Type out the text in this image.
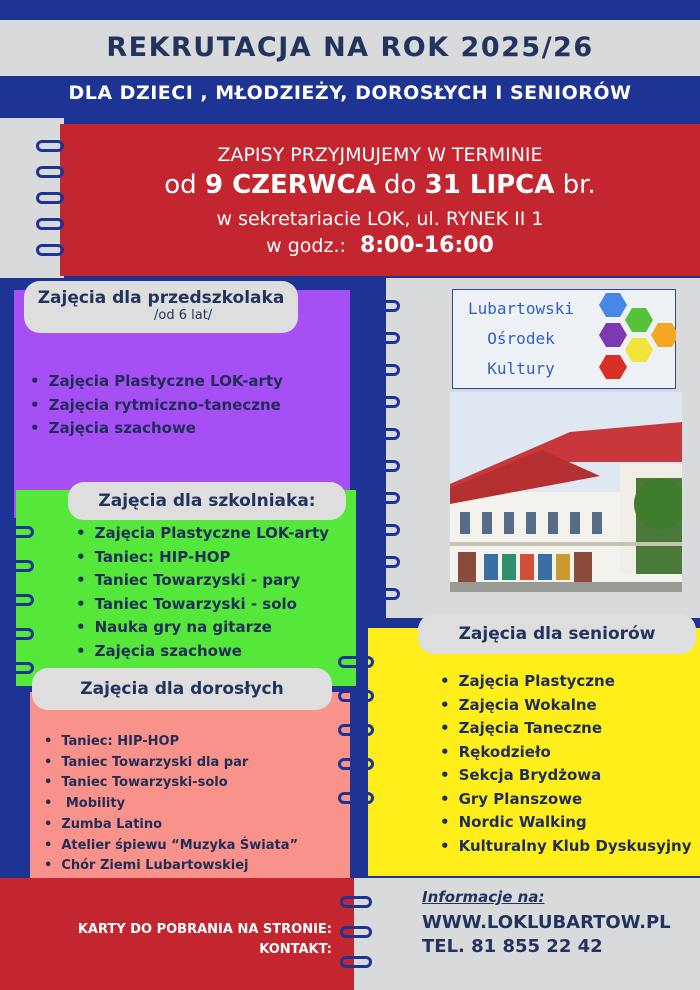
REKRUTACJA NA ROK 2025/26
DLA DZIECI , MŁODZIEŻY, DOROSŁYCH I SENIORÓW
ZAPISY PRZYJMUJEMY W TERMINIE
od 9 CZERWCA do 31 LIPCA br.
w sekretariacie LOK, ul. RYNEK II 1
w godz.: 8:00-16:00
Lubartowski
Ośrodek
Kultury
Zajęcia dla przedszkolaka
/od 6 lat/
• Zajęcia Plastyczne LOK-arty
• Zajęcia rytmiczno-taneczne
• Zajęcia szachowe
Zajęcia dla szkolniaka:
• Zajęcia Plastyczne LOK-arty
• Taniec: HIP-HOP
• Taniec Towarzyski - pary
• Taniec Towarzyski - solo
• Nauka gry na gitarze
• Zajęcia szachowe
Zajęcia dla dorosłych
• Taniec: HIP-HOP
• Taniec Towarzyski dla par
• Taniec Towarzyski-solo
• Mobility
• Zumba Latino
• Atelier śpiewu “Muzyka Świata”
• Chór Ziemi Lubartowskiej
Zajęcia dla seniorów
• Zajęcia Plastyczne
• Zajęcia Wokalne
• Zajęcia Taneczne
• Rękodzieło
• Sekcja Brydżowa
• Gry Planszowe
• Nordic Walking
• Kulturalny Klub Dyskusyjny
KARTY DO POBRANIA NA STRONIE:
KONTAKT:
Informacje na:
WWW.LOKLUBARTOW.PL
TEL. 81 855 22 42
